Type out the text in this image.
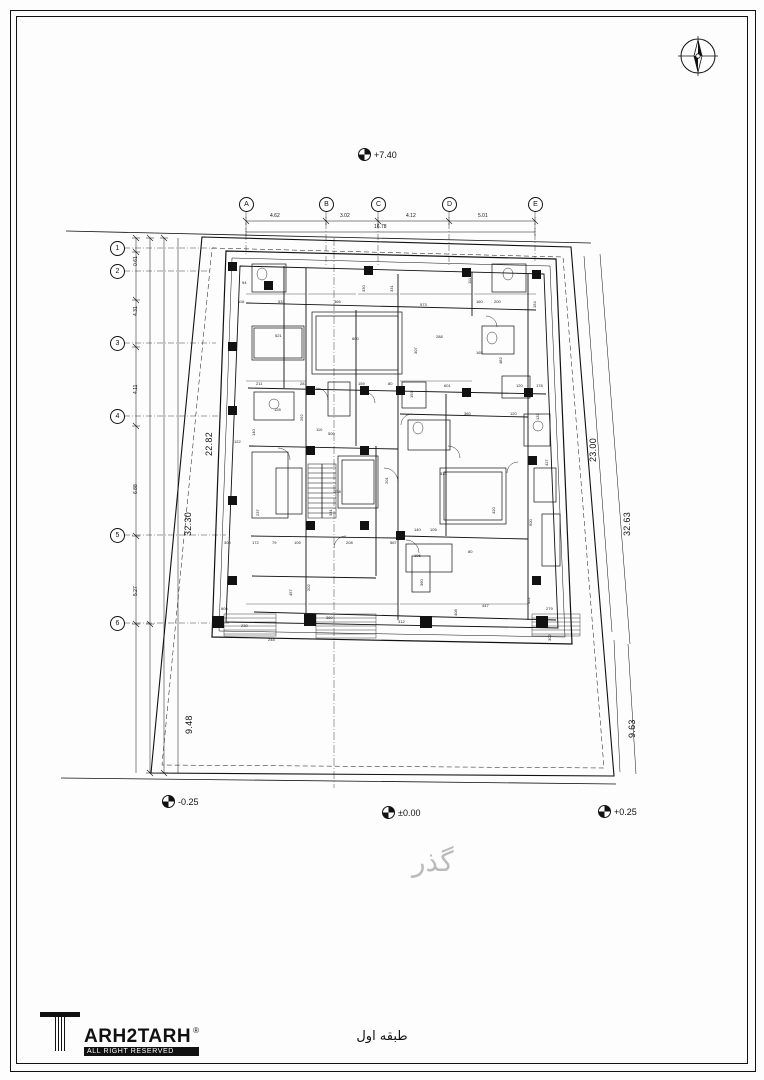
A	B	C	D	E
4.62	3.02	4.12	5.01
16.78
1
2
3
4
5
6
0.61
4.31
4.11
6.88
5.27
22.82
32.30
9.48
23.00
32.63
9.63
94
116	531	366
330	331
111
160	200	154
573
288
521
600
307	165
482
211	281	80
159
193
601	120	178
122
140
128
292
360	120	132
500
237	331
201
513
420
500
427
238
110
300	172	79	105	208	567
140 105
105
80
360
202
457
606
230
248
360
312
408
447
452
279
302
+7.40
-0.25
±0.00	+0.25
گذر
طبقه اول
ARH2TARH ®
ALL RIGHT RESERVED
